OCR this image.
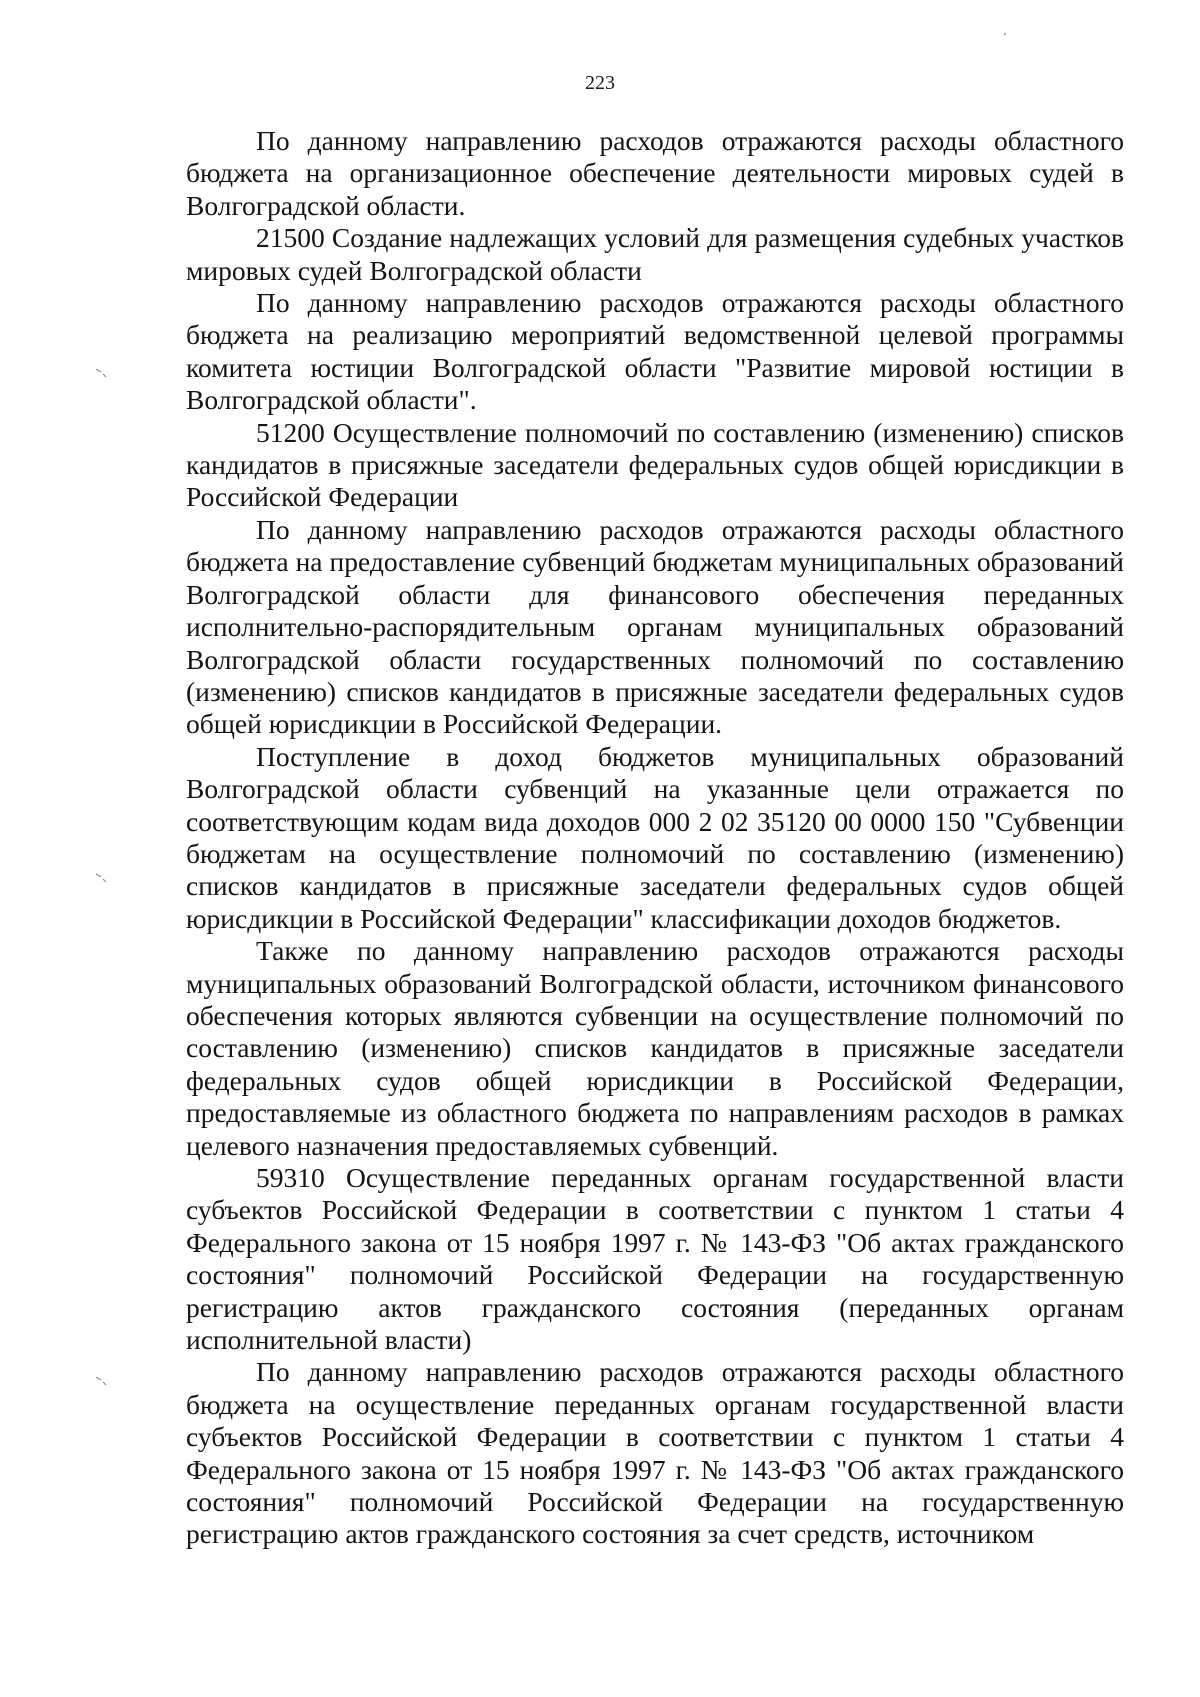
223

По данному направлению расходов отражаются расходы областного бюджета на организационное обеспечение деятельности мировых судей в Волгоградской области.

21500 Создание надлежащих условий для размещения судебных участков мировых судей Волгоградской области

По данному направлению расходов отражаются расходы областного бюджета на реализацию мероприятий ведомственной целевой программы комитета юстиции Волгоградской области "Развитие мировой юстиции в Волгоградской области".

51200 Осуществление полномочий по составлению (изменению) списков кандидатов в присяжные заседатели федеральных судов общей юрисдикции в Российской Федерации

По данному направлению расходов отражаются расходы областного бюджета на предоставление субвенций бюджетам муниципальных образований Волгоградской области для финансового обеспечения переданных исполнительно-распорядительным органам муниципальных образований Волгоградской области государственных полномочий по составлению (изменению) списков кандидатов в присяжные заседатели федеральных судов общей юрисдикции в Российской Федерации.

Поступление в доход бюджетов муниципальных образований Волгоградской области субвенций на указанные цели отражается по соответствующим кодам вида доходов 000 2 02 35120 00 0000 150 "Субвенции бюджетам на осуществление полномочий по составлению (изменению) списков кандидатов в присяжные заседатели федеральных судов общей юрисдикции в Российской Федерации" классификации доходов бюджетов.

Также по данному направлению расходов отражаются расходы муниципальных образований Волгоградской области, источником финансового обеспечения которых являются субвенции на осуществление полномочий по составлению (изменению) списков кандидатов в присяжные заседатели федеральных судов общей юрисдикции в Российской Федерации, предоставляемые из областного бюджета по направлениям расходов в рамках целевого назначения предоставляемых субвенций.

59310 Осуществление переданных органам государственной власти субъектов Российской Федерации в соответствии с пунктом 1 статьи 4 Федерального закона от 15 ноября 1997 г. № 143-ФЗ "Об актах гражданского состояния" полномочий Российской Федерации на государственную регистрацию актов гражданского состояния (переданных органам исполнительной власти)

По данному направлению расходов отражаются расходы областного бюджета на осуществление переданных органам государственной власти субъектов Российской Федерации в соответствии с пунктом 1 статьи 4 Федерального закона от 15 ноября 1997 г. № 143-ФЗ "Об актах гражданского состояния" полномочий Российской Федерации на государственную регистрацию актов гражданского состояния за счет средств, источником
